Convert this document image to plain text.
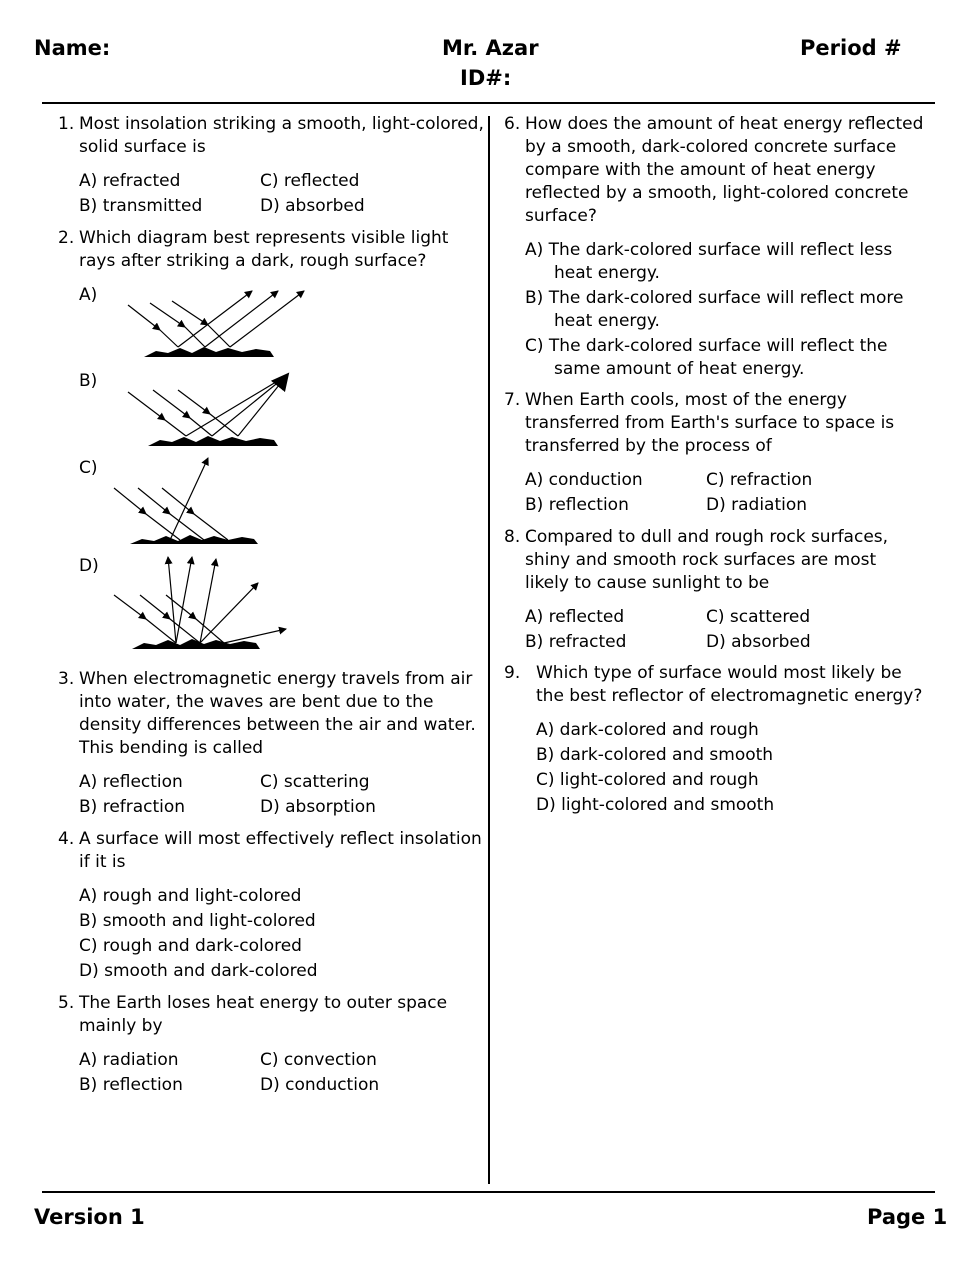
Name:	Mr. Azar
ID#:
Period #
1. Most insolation striking a smooth, light-colored, solid surface is
A) refracted	C) reflected
B) transmitted	D) absorbed
2. Which diagram best represents visible light rays after striking a dark, rough surface?
A)
B)
C)
D)
3. When electromagnetic energy travels from air into water, the waves are bent due to the density differences between the air and water. This bending is called
A) reflection	C) scattering
B) refraction	D) absorption
4. A surface will most effectively reflect insolation if it is
A) rough and light-colored
B) smooth and light-colored
C) rough and dark-colored
D) smooth and dark-colored
5. The Earth loses heat energy to outer space mainly by
A) radiation	C) convection
B) reflection	D) conduction
6. How does the amount of heat energy reflected by a smooth, dark-colored concrete surface compare with the amount of heat energy reflected by a smooth, light-colored concrete surface?
A) The dark-colored surface will reflect less heat energy.
B) The dark-colored surface will reflect more heat energy.
C) The dark-colored surface will reflect the same amount of heat energy.
7. When Earth cools, most of the energy transferred from Earth's surface to space is transferred by the process of
A) conduction	C) refraction
B) reflection	D) radiation
8. Compared to dull and rough rock surfaces, shiny and smooth rock surfaces are most likely to cause sunlight to be
A) reflected	C) scattered
B) refracted	D) absorbed
9. Which type of surface would most likely be the best reflector of electromagnetic energy?
A) dark-colored and rough
B) dark-colored and smooth
C) light-colored and rough
D) light-colored and smooth
Version 1	Page 1
